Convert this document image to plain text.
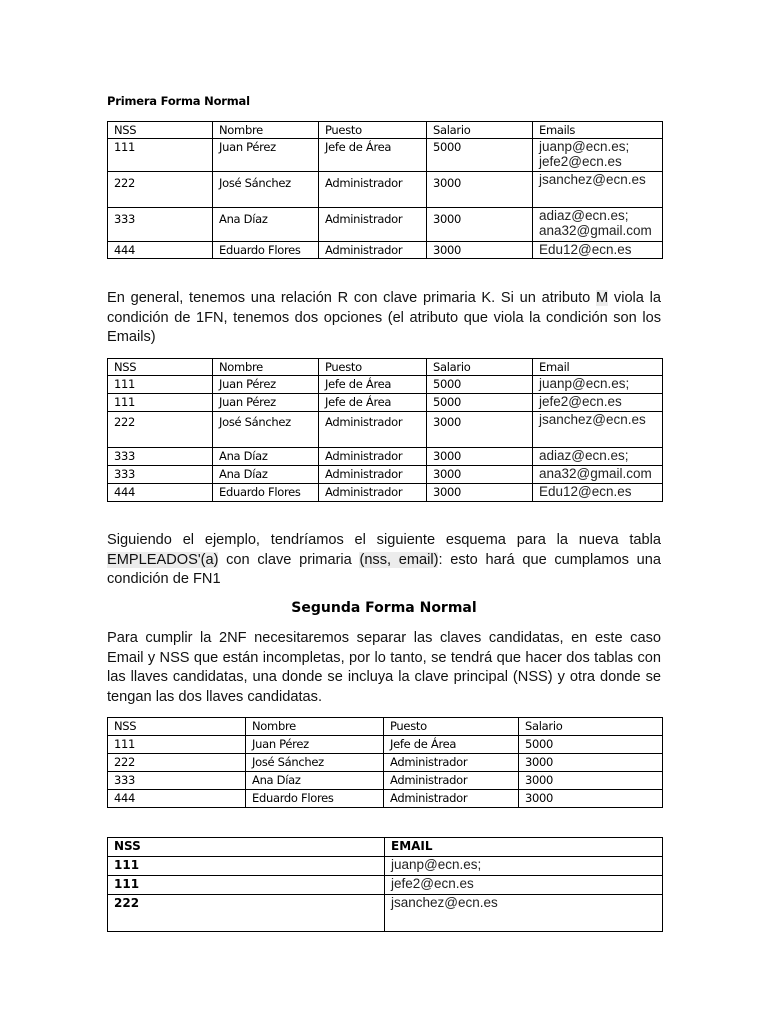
Primera Forma Normal
NSS	Nombre	Puesto	Salario	Emails
111	Juan Pérez	Jefe de Área	5000	juanp@ecn.es;
jefe2@ecn.es

222	José Sánchez	Administrador	3000	jsanchez@ecn.es

333	Ana Díaz	Administrador	3000	adiaz@ecn.es;
ana32@gmail.com

444	Eduardo Flores	Administrador	3000	Edu12@ecn.es
En general, tenemos una relación R con clave primaria K. Si un atributo M viola la condición de 1FN, tenemos dos opciones (el atributo que viola la condición son los Emails)
NSS	Nombre	Puesto	Salario	Email
111	Juan Pérez	Jefe de Área	5000	juanp@ecn.es;
111	Juan Pérez	Jefe de Área	5000	jefe2@ecn.es
222	José Sánchez	Administrador	3000	jsanchez@ecn.es
333	Ana Díaz	Administrador	3000	adiaz@ecn.es;
333	Ana Díaz	Administrador	3000	ana32@gmail.com
444	Eduardo Flores	Administrador	3000	Edu12@ecn.es
Siguiendo el ejemplo, tendríamos el siguiente esquema para la nueva tabla EMPLEADOS'(a) con clave primaria (nss, email): esto hará que cumplamos una condición de FN1
Segunda Forma Normal
Para cumplir la 2NF necesitaremos separar las claves candidatas, en este caso Email y NSS que están incompletas, por lo tanto, se tendrá que hacer dos tablas con las llaves candidatas, una donde se incluya la clave principal (NSS) y otra donde se tengan las dos llaves candidatas.
NSS	Nombre	Puesto	Salario
111	Juan Pérez	Jefe de Área	5000
222	José Sánchez	Administrador	3000
333	Ana Díaz	Administrador	3000
444	Eduardo Flores	Administrador	3000
NSS	EMAIL
111	juanp@ecn.es;
111	jefe2@ecn.es
222	jsanchez@ecn.es
